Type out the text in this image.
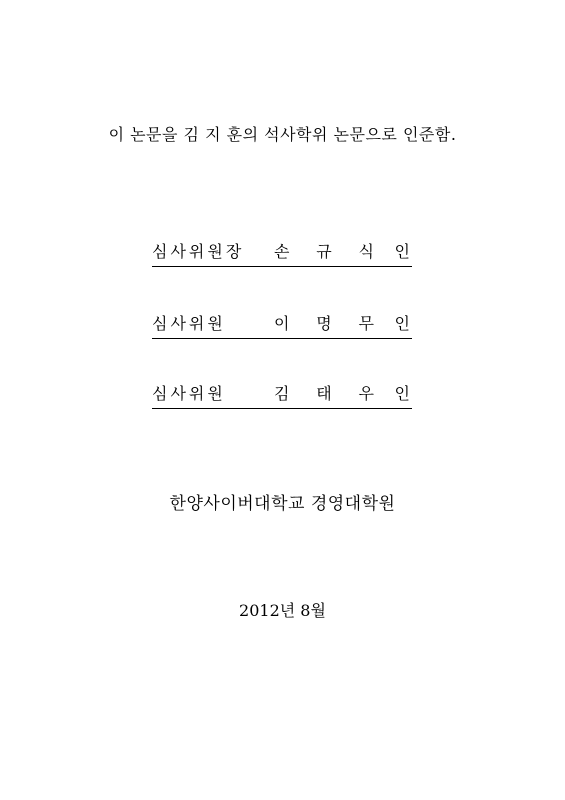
이 논문을 김 지 훈의 석사학위 논문으로 인준함.
심사위원장 손 규 식 인
심사위원	이 명 무 인
심사위원	김 태 우 인
한양사이버대학교 경영대학원
2012년 8월
